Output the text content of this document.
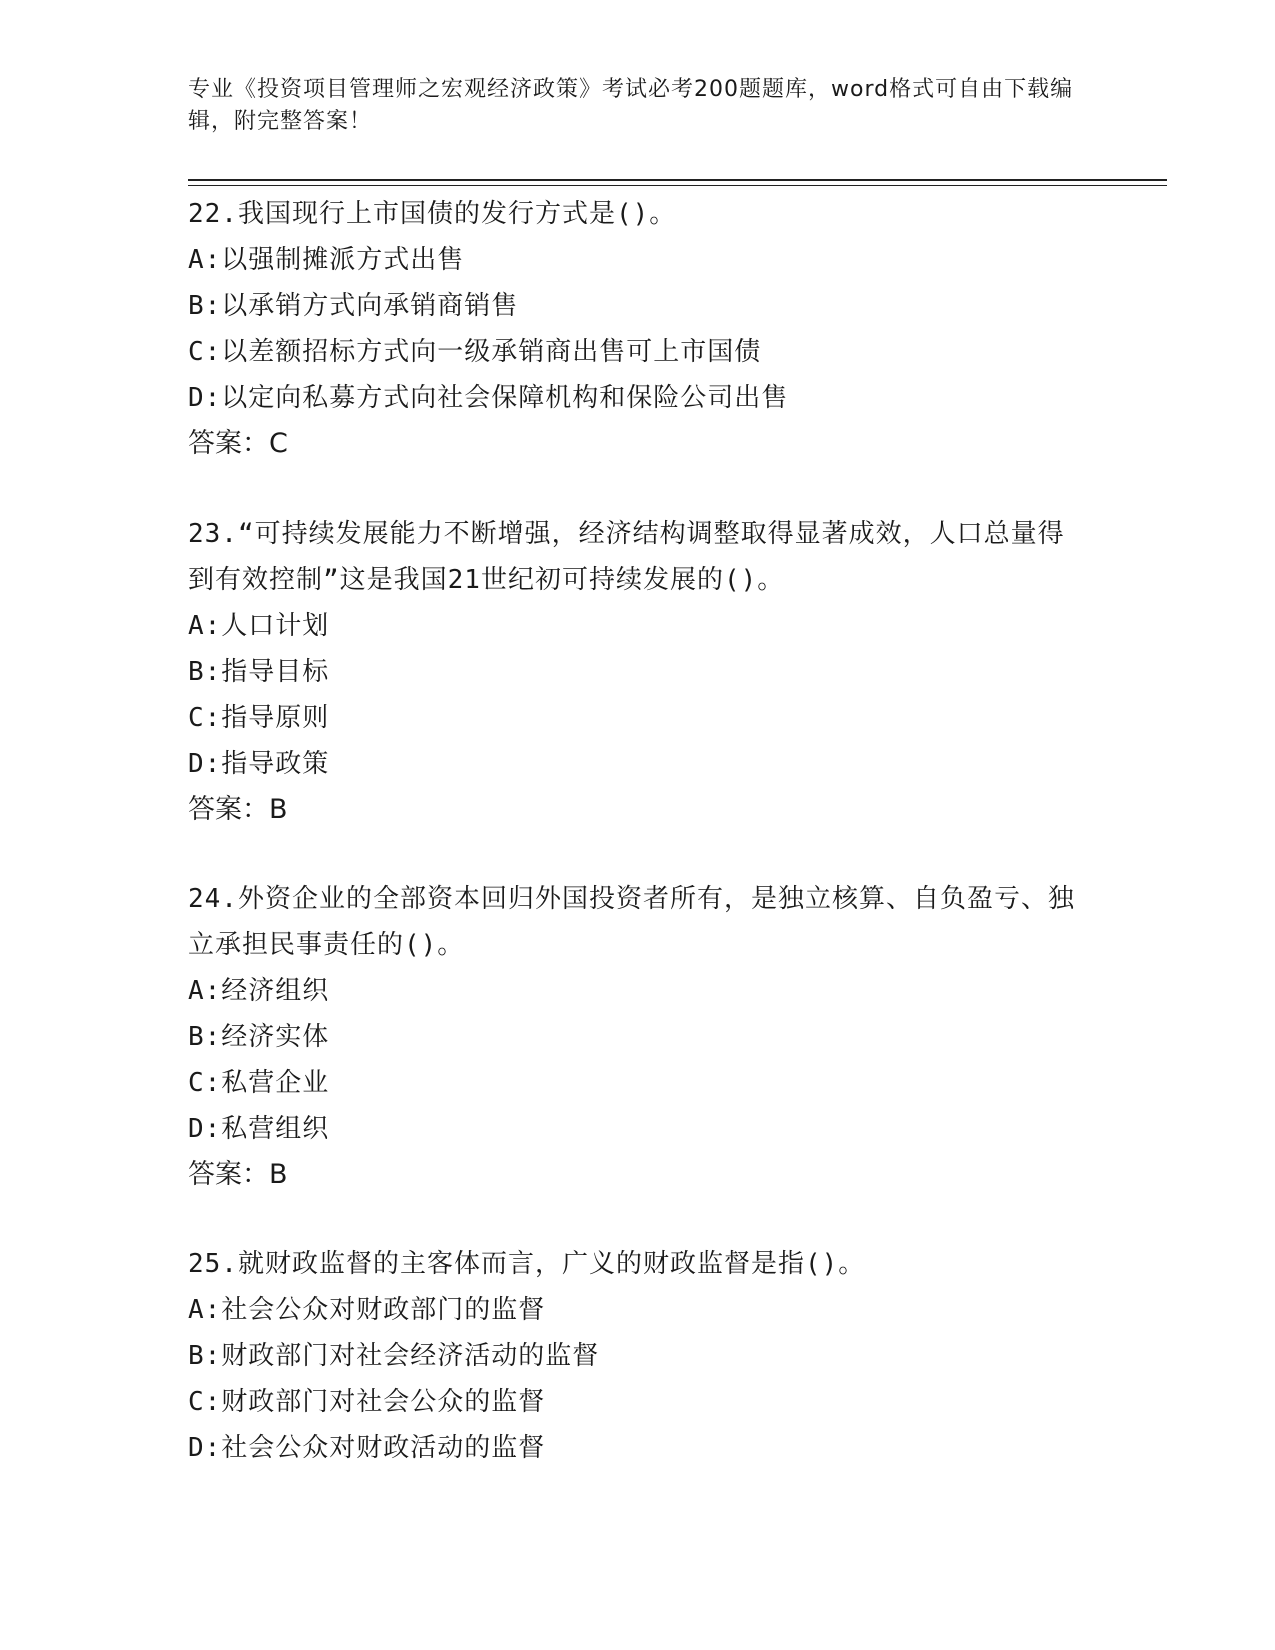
专业《投资项目管理师之宏观经济政策》考试必考200题题库，word格式可自由下载编辑，附完整答案！
22.我国现行上市国债的发行方式是()。
A:以强制摊派方式出售
B:以承销方式向承销商销售
C:以差额招标方式向一级承销商出售可上市国债
D:以定向私募方式向社会保障机构和保险公司出售
答案：C
23.“可持续发展能力不断增强，经济结构调整取得显著成效，人口总量得到有效控制”这是我国21世纪初可持续发展的()。
A:人口计划
B:指导目标
C:指导原则
D:指导政策
答案：B
24.外资企业的全部资本回归外国投资者所有，是独立核算、自负盈亏、独立承担民事责任的()。
A:经济组织
B:经济实体
C:私营企业
D:私营组织
答案：B
25.就财政监督的主客体而言，广义的财政监督是指()。
A:社会公众对财政部门的监督
B:财政部门对社会经济活动的监督
C:财政部门对社会公众的监督
D:社会公众对财政活动的监督
